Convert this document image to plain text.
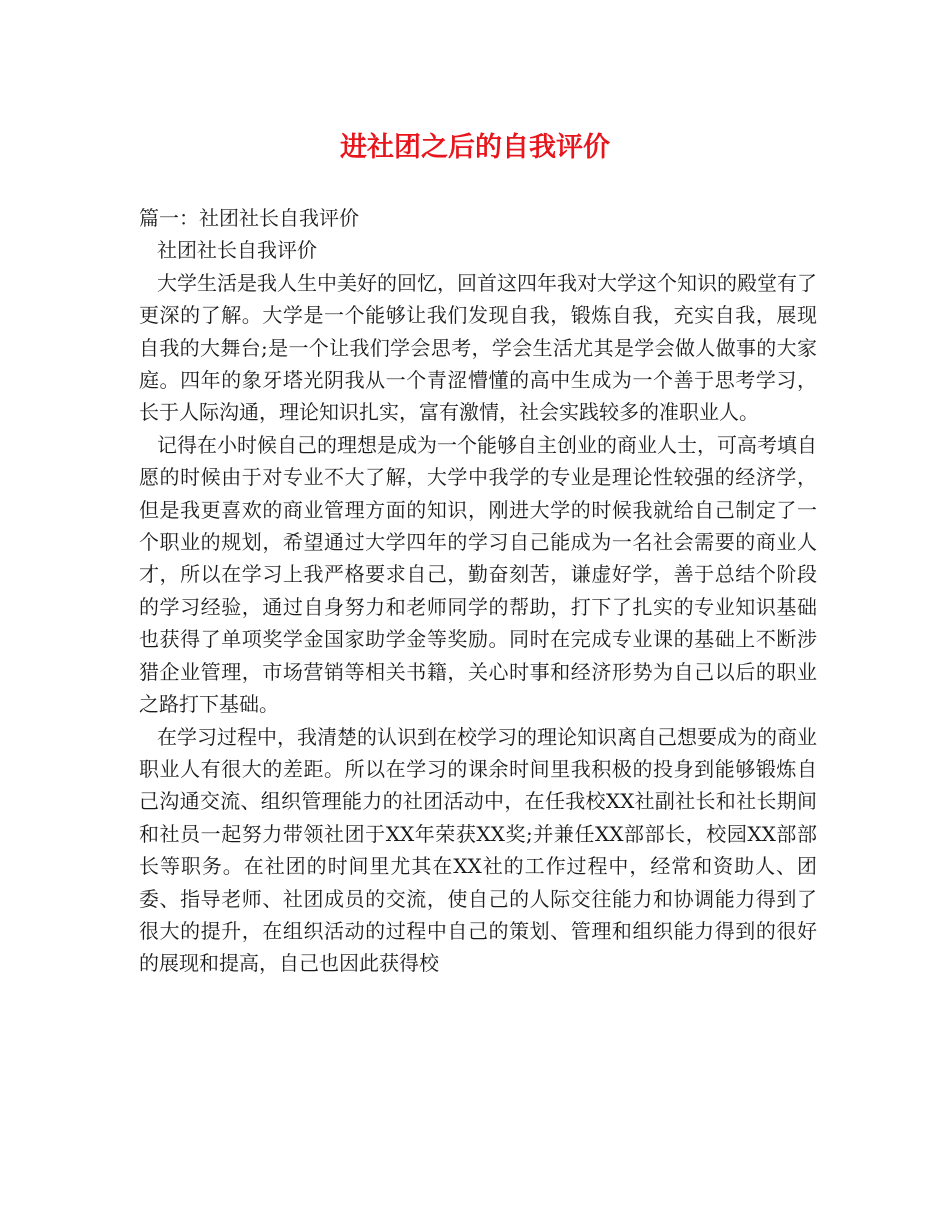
进社团之后的自我评价

篇一：社团社长自我评价

社团社长自我评价

大学生活是我人生中美好的回忆，回首这四年我对大学这个知识的殿堂有了更深的了解。大学是一个能够让我们发现自我，锻炼自我，充实自我，展现自我的大舞台;是一个让我们学会思考，学会生活尤其是学会做人做事的大家庭。四年的象牙塔光阴我从一个青涩懵懂的高中生成为一个善于思考学习，长于人际沟通，理论知识扎实，富有激情，社会实践较多的准职业人。

记得在小时候自己的理想是成为一个能够自主创业的商业人士，可高考填自愿的时候由于对专业不大了解，大学中我学的专业是理论性较强的经济学，但是我更喜欢的商业管理方面的知识，刚进大学的时候我就给自己制定了一个职业的规划，希望通过大学四年的学习自己能成为一名社会需要的商业人才，所以在学习上我严格要求自己，勤奋刻苦，谦虚好学，善于总结个阶段的学习经验，通过自身努力和老师同学的帮助，打下了扎实的专业知识基础也获得了单项奖学金国家助学金等奖励。同时在完成专业课的基础上不断涉猎企业管理，市场营销等相关书籍，关心时事和经济形势为自己以后的职业之路打下基础。

在学习过程中，我清楚的认识到在校学习的理论知识离自己想要成为的商业职业人有很大的差距。所以在学习的课余时间里我积极的投身到能够锻炼自己沟通交流、组织管理能力的社团活动中，在任我校XX社副社长和社长期间和社员一起努力带领社团于XX年荣获XX奖;并兼任XX部部长，校园XX部部长等职务。在社团的时间里尤其在XX社的工作过程中，经常和资助人、团委、指导老师、社团成员的交流，使自己的人际交往能力和协调能力得到了很大的提升，在组织活动的过程中自己的策划、管理和组织能力得到的很好的展现和提高，自己也因此获得校
